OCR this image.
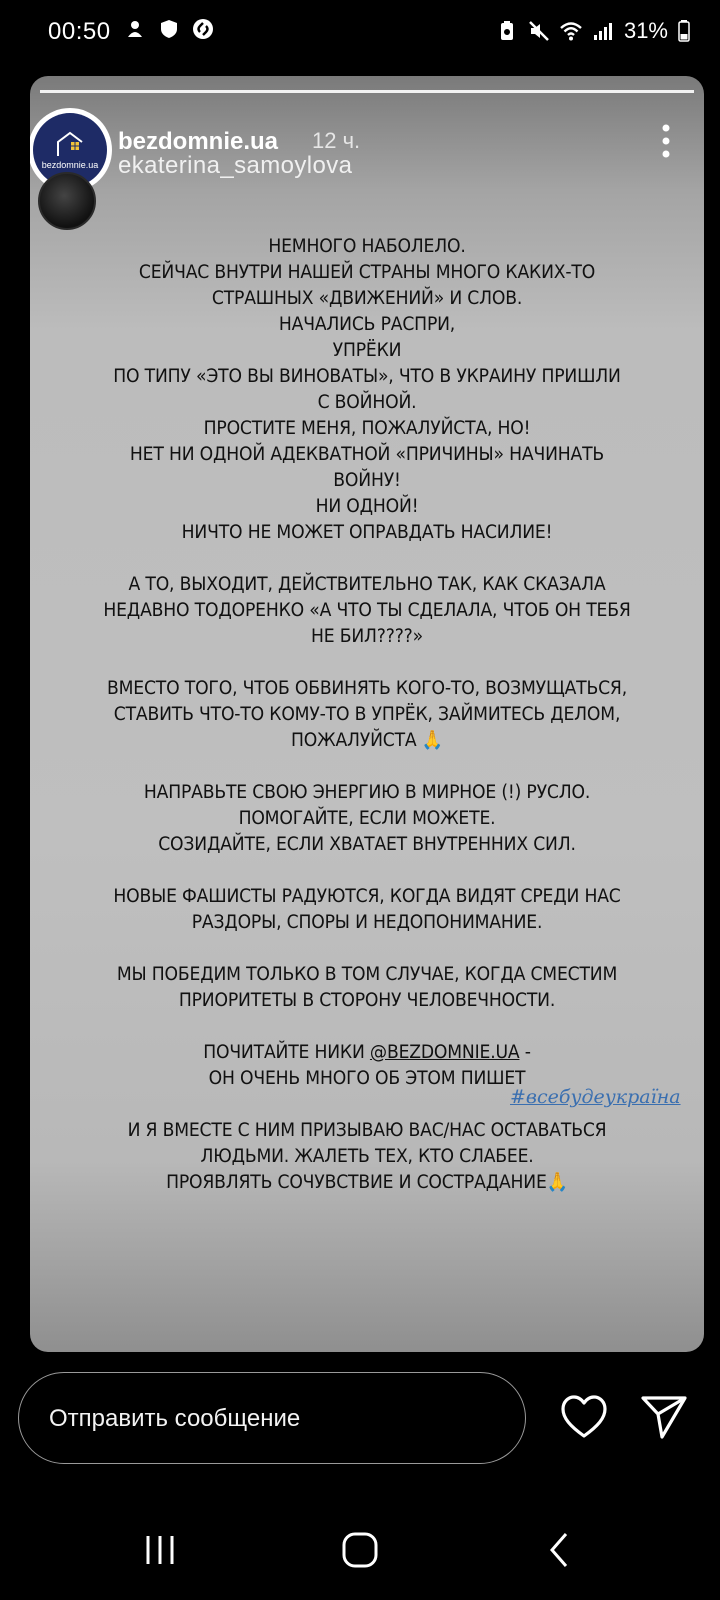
00:50	31%
bezdomnie.ua
bezdomnie.ua 12 ч.
ekaterina_samoylova

НЕМНОГО НАБОЛЕЛО.
СЕЙЧАС ВНУТРИ НАШЕЙ СТРАНЫ МНОГО КАКИХ-ТО
СТРАШНЫХ «ДВИЖЕНИЙ» И СЛОВ.
НАЧАЛИСЬ РАСПРИ,
УПРЁКИ
ПО ТИПУ «ЭТО ВЫ ВИНОВАТЫ», ЧТО В УКРАИНУ ПРИШЛИ
С ВОЙНОЙ.
ПРОСТИТЕ МЕНЯ, ПОЖАЛУЙСТА, НО!
НЕТ НИ ОДНОЙ АДЕКВАТНОЙ «ПРИЧИНЫ» НАЧИНАТЬ
ВОЙНУ!
НИ ОДНОЙ!
НИЧТО НЕ МОЖЕТ ОПРАВДАТЬ НАСИЛИЕ!

А ТО, ВЫХОДИТ, ДЕЙСТВИТЕЛЬНО ТАК, КАК СКАЗАЛА
НЕДАВНО ТОДОРЕНКО «А ЧТО ТЫ СДЕЛАЛА, ЧТОБ ОН ТЕБЯ
НЕ БИЛ????»

ВМЕСТО ТОГО, ЧТОБ ОБВИНЯТЬ КОГО-ТО, ВОЗМУЩАТЬСЯ,
СТАВИТЬ ЧТО-ТО КОМУ-ТО В УПРЁК, ЗАЙМИТЕСЬ ДЕЛОМ,
ПОЖАЛУЙСТА 🙏

НАПРАВЬТЕ СВОЮ ЭНЕРГИЮ В МИРНОЕ (!) РУСЛО.
ПОМОГАЙТЕ, ЕСЛИ МОЖЕТЕ.
СОЗИДАЙТЕ, ЕСЛИ ХВАТАЕТ ВНУТРЕННИХ СИЛ.

НОВЫЕ ФАШИСТЫ РАДУЮТСЯ, КОГДА ВИДЯТ СРЕДИ НАС
РАЗДОРЫ, СПОРЫ И НЕДОПОНИМАНИЕ.

МЫ ПОБЕДИМ ТОЛЬКО В ТОМ СЛУЧАЕ, КОГДА СМЕСТИМ
ПРИОРИТЕТЫ В СТОРОНУ ЧЕЛОВЕЧНОСТИ.

ПОЧИТАЙТЕ НИКИ @BEZDOMNIE.UA -
ОН ОЧЕНЬ МНОГО ОБ ЭТОМ ПИШЕТ

И Я ВМЕСТЕ С НИМ ПРИЗЫВАЮ ВАС/НАС ОСТАВАТЬСЯ
ЛЮДЬМИ. ЖАЛЕТЬ ТЕХ, КТО СЛАБЕЕ.
ПРОЯВЛЯТЬ СОЧУВСТВИЕ И СОСТРАДАНИЕ🙏

#всебудеукраїна
Отправить сообщение
